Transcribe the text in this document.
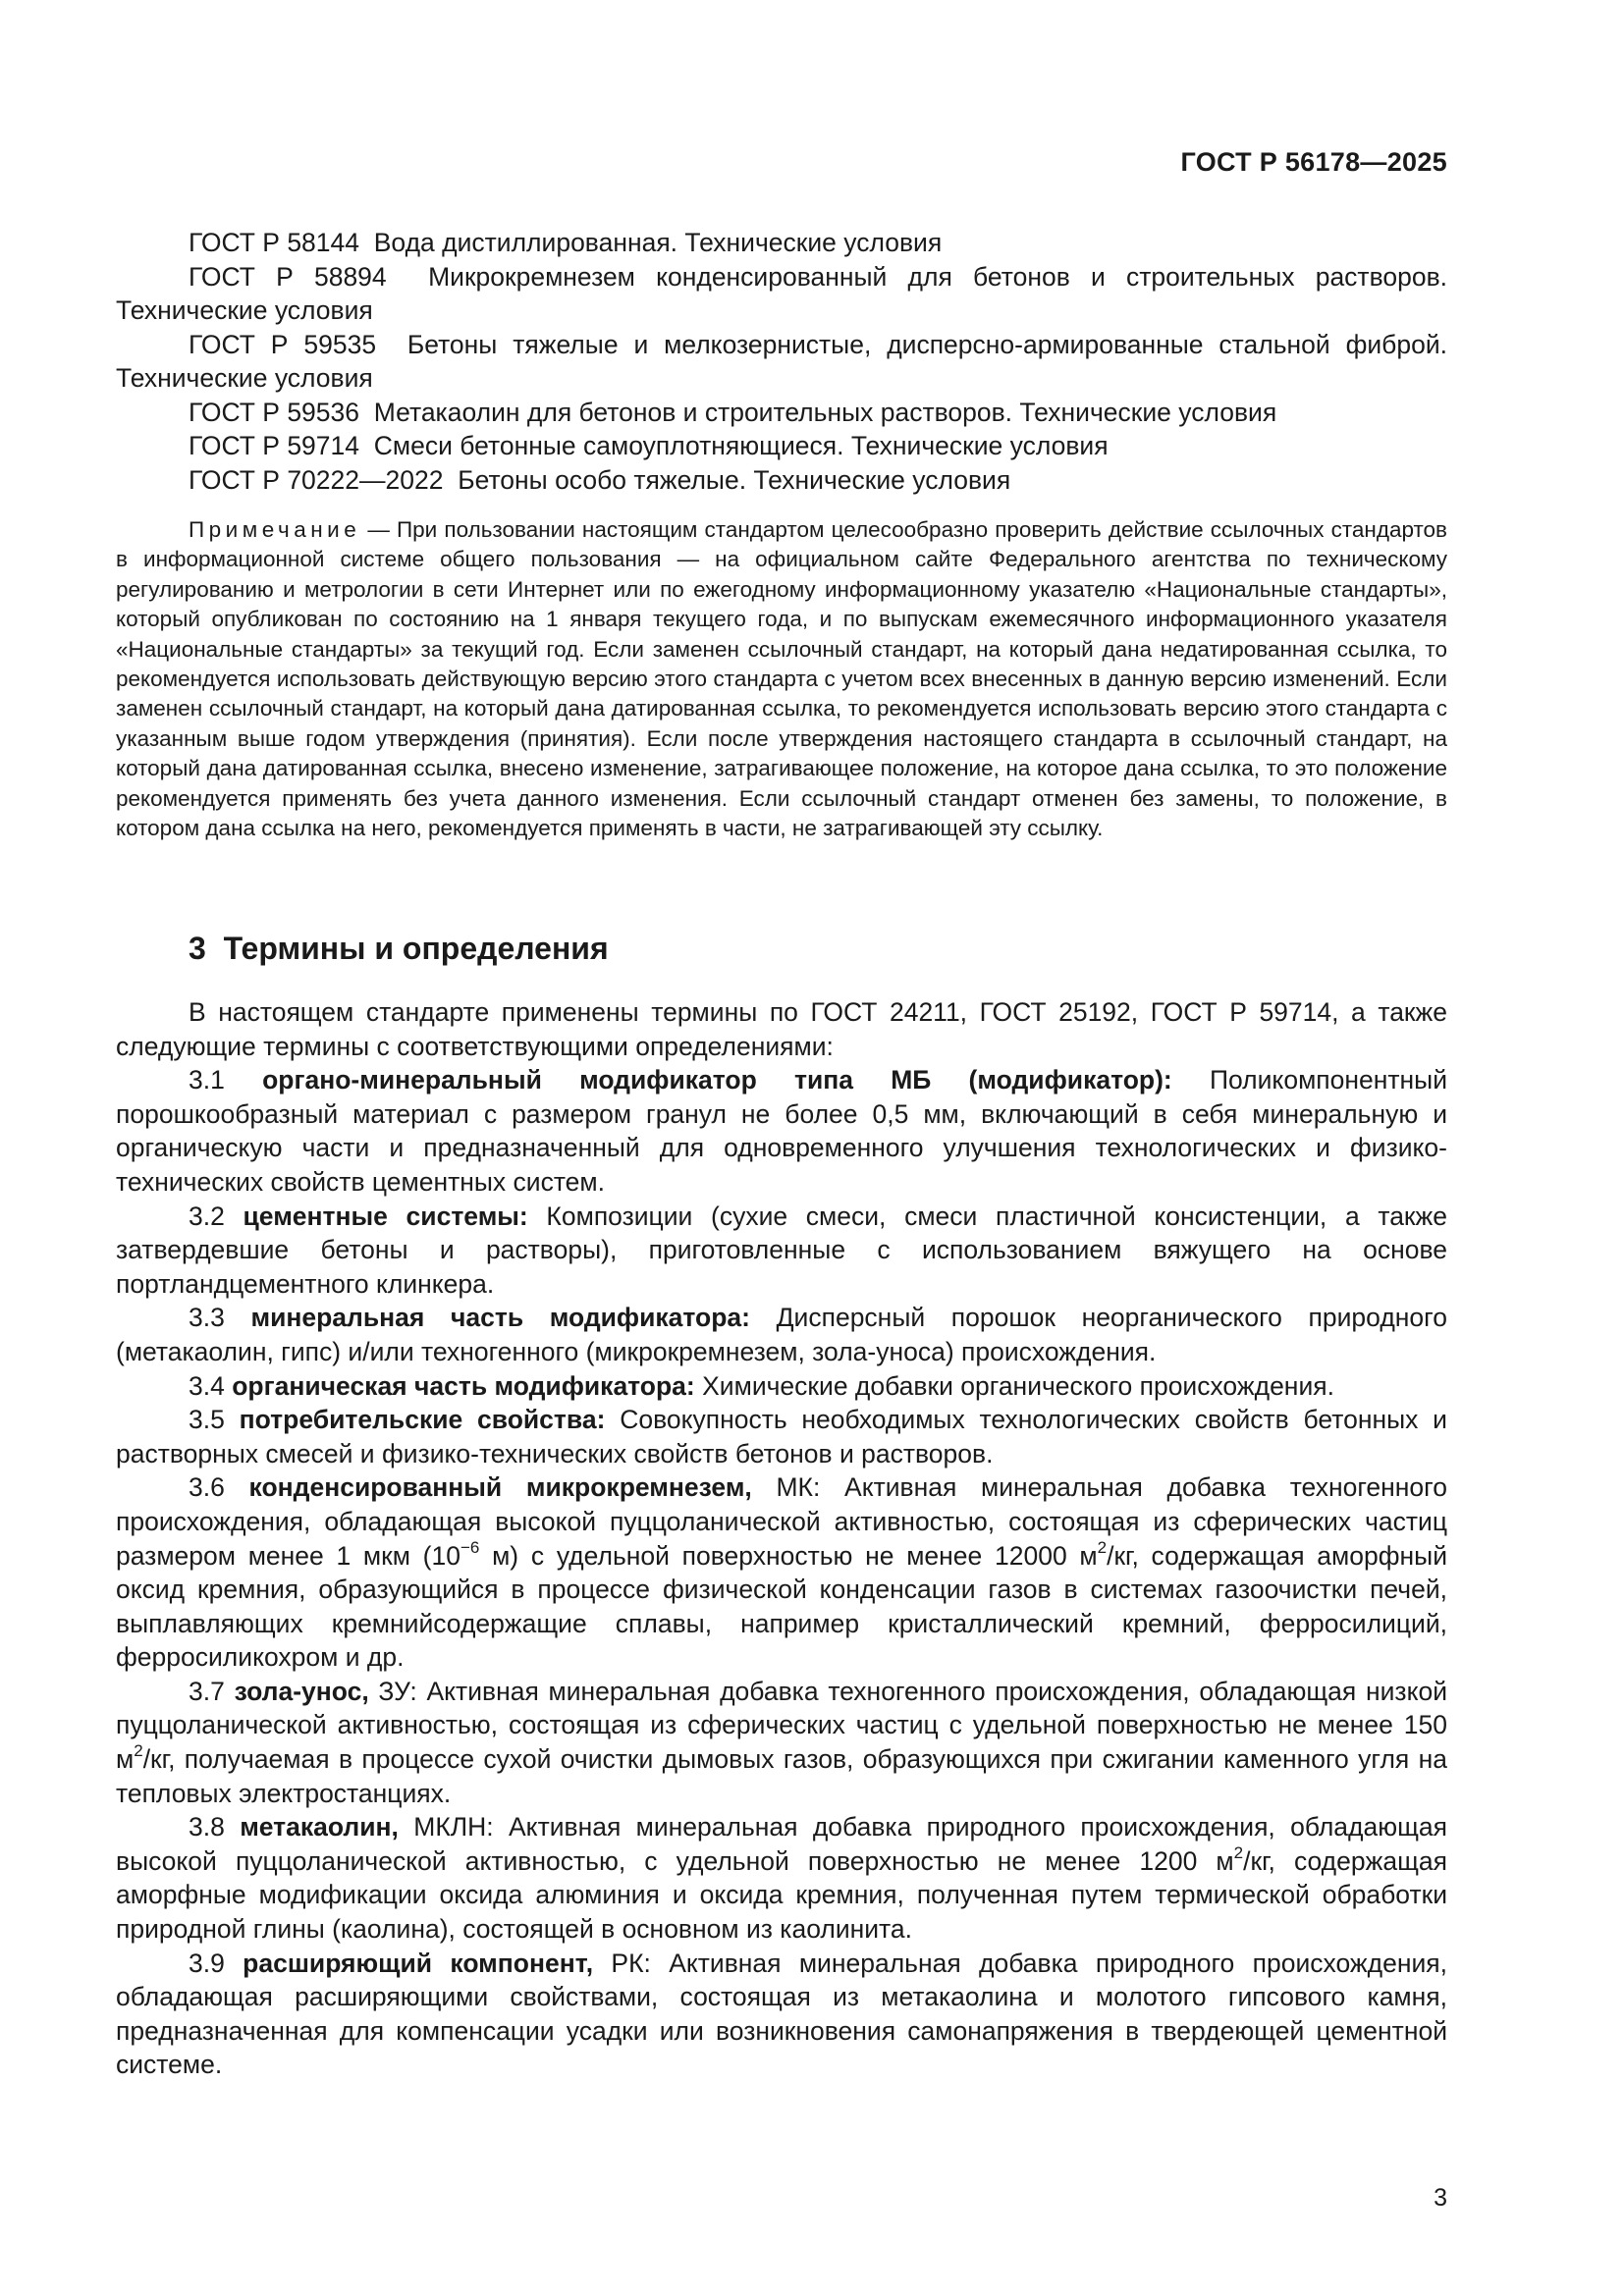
ГОСТ Р 56178—2025

ГОСТ Р 58144 Вода дистиллированная. Технические условия

ГОСТ Р 58894 Микрокремнезем конденсированный для бетонов и строительных растворов. Технические условия

ГОСТ Р 59535 Бетоны тяжелые и мелкозернистые, дисперсно-армированные стальной фиброй. Технические условия

ГОСТ Р 59536 Метакаолин для бетонов и строительных растворов. Технические условия

ГОСТ Р 59714 Смеси бетонные самоуплотняющиеся. Технические условия

ГОСТ Р 70222—2022 Бетоны особо тяжелые. Технические условия

Примечание — При пользовании настоящим стандартом целесообразно проверить действие ссылочных стандартов в информационной системе общего пользования — на официальном сайте Федерального агентства по техническому регулированию и метрологии в сети Интернет или по ежегодному информационному указателю «Национальные стандарты», который опубликован по состоянию на 1 января текущего года, и по выпускам ежемесячного информационного указателя «Национальные стандарты» за текущий год. Если заменен ссылочный стандарт, на который дана недатированная ссылка, то рекомендуется использовать действующую версию этого стандарта с учетом всех внесенных в данную версию изменений. Если заменен ссылочный стандарт, на который дана датированная ссылка, то рекомендуется использовать версию этого стандарта с указанным выше годом утверждения (принятия). Если после утверждения настоящего стандарта в ссылочный стандарт, на который дана датированная ссылка, внесено изменение, затрагивающее положение, на которое дана ссылка, то это положение рекомендуется применять без учета данного изменения. Если ссылочный стандарт отменен без замены, то положение, в котором дана ссылка на него, рекомендуется применять в части, не затрагивающей эту ссылку.

3 Термины и определения

В настоящем стандарте применены термины по ГОСТ 24211, ГОСТ 25192, ГОСТ Р 59714, а также следующие термины с соответствующими определениями:

3.1 органо-минеральный модификатор типа МБ (модификатор): Поликомпонентный порошкообразный материал с размером гранул не более 0,5 мм, включающий в себя минеральную и органическую части и предназначенный для одновременного улучшения технологических и физико-технических свойств цементных систем.

3.2 цементные системы: Композиции (сухие смеси, смеси пластичной консистенции, а также затвердевшие бетоны и растворы), приготовленные с использованием вяжущего на основе портландцементного клинкера.

3.3 минеральная часть модификатора: Дисперсный порошок неорганического природного (метакаолин, гипс) и/или техногенного (микрокремнезем, зола-уноса) происхождения.

3.4 органическая часть модификатора: Химические добавки органического происхождения.

3.5 потребительские свойства: Совокупность необходимых технологических свойств бетонных и растворных смесей и физико-технических свойств бетонов и растворов.

3.6 конденсированный микрокремнезем, МК: Активная минеральная добавка техногенного происхождения, обладающая высокой пуццоланической активностью, состоящая из сферических частиц размером менее 1 мкм ($10^{-6}$ м) с удельной поверхностью не менее 12000 $м^2/кг$, содержащая аморфный оксид кремния, образующийся в процессе физической конденсации газов в системах газоочистки печей, выплавляющих кремнийсодержащие сплавы, например кристаллический кремний, ферросилиций, ферросиликохром и др.

3.7 зола-унос, ЗУ: Активная минеральная добавка техногенного происхождения, обладающая низкой пуццоланической активностью, состоящая из сферических частиц с удельной поверхностью не менее 150 $м^2/кг$, получаемая в процессе сухой очистки дымовых газов, образующихся при сжигании каменного угля на тепловых электростанциях.

3.8 метакаолин, МКЛН: Активная минеральная добавка природного происхождения, обладающая высокой пуццоланической активностью, с удельной поверхностью не менее 1200 $м^2/кг$, содержащая аморфные модификации оксида алюминия и оксида кремния, полученная путем термической обработки природной глины (каолина), состоящей в основном из каолинита.

3.9 расширяющий компонент, РК: Активная минеральная добавка природного происхождения, обладающая расширяющими свойствами, состоящая из метакаолина и молотого гипсового камня, предназначенная для компенсации усадки или возникновения самонапряжения в твердеющей цементной системе.

3
